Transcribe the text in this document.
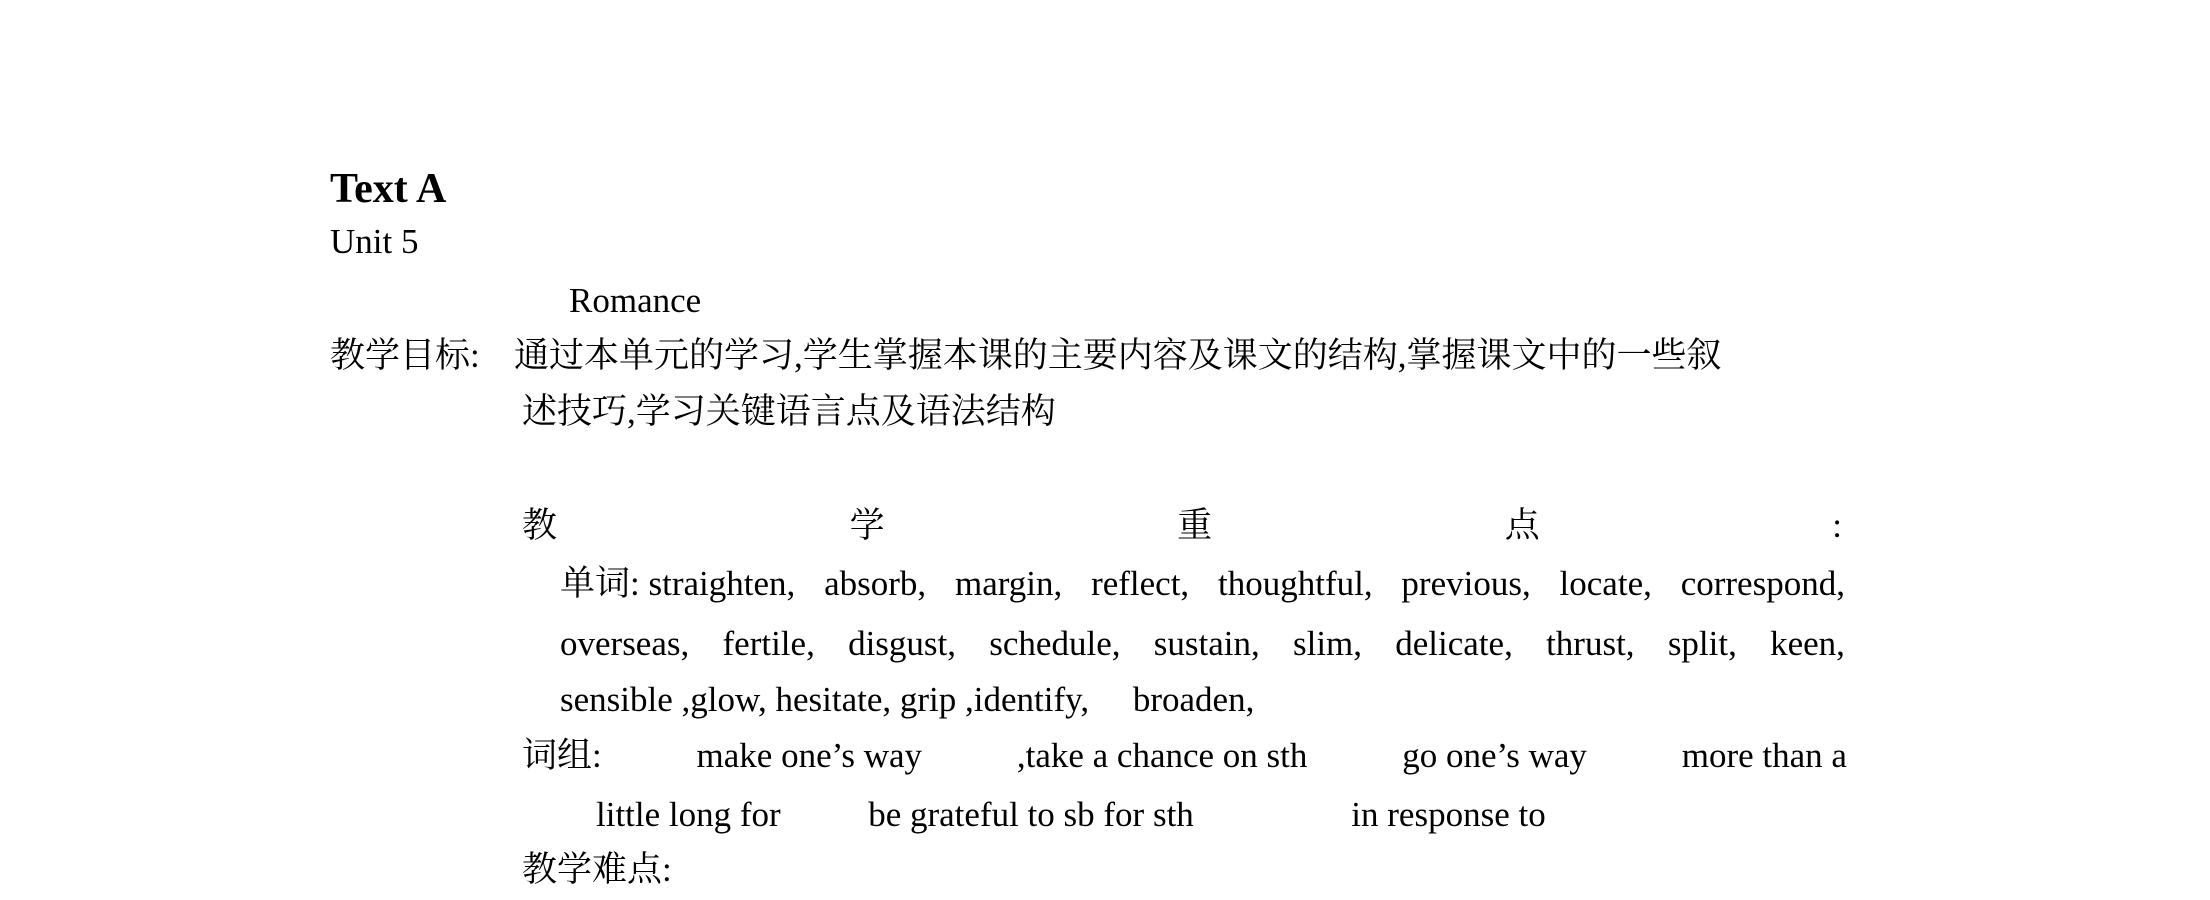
Text A
Unit 5
Romance
教学目标: 通过本单元的学习,学生掌握本课的主要内容及课文的结构,掌握课文中的一些叙
述技巧,学习关键语言点及语法结构
教	学	重	点	:
单词: straighten, absorb, margin, reflect, thoughtful, previous, locate, correspond,
overseas, fertile, disgust, schedule, sustain, slim, delicate, thrust, split, keen,
sensible ,glow, hesitate, grip ,identify,     broaden,
词组:	make one’s way	,take a chance on sth	go one’s way	more than a
little long for          be grateful to sb for sth                  in response to
教学难点:
